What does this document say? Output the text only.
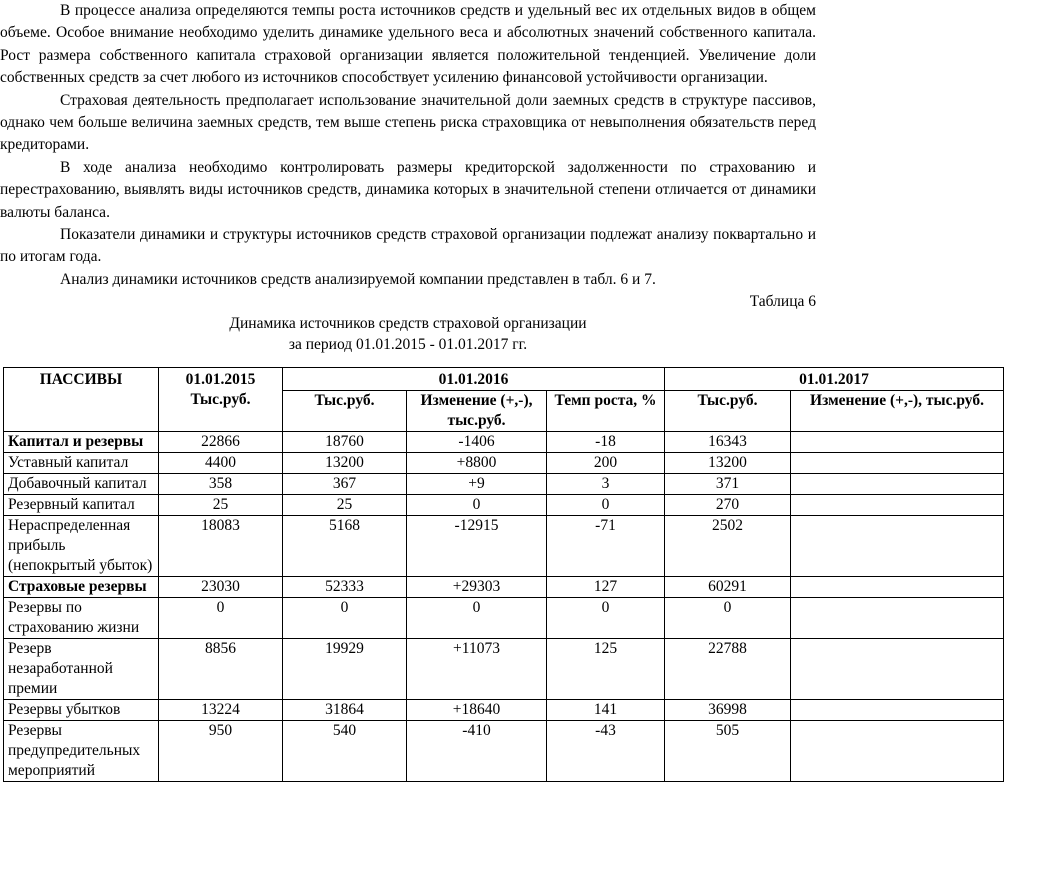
В процессе анализа определяются темпы роста источников средств и удельный вес их отдельных видов в общем объеме. Особое внимание необходимо уделить динамике удельного веса и абсолютных значений собственного капитала. Рост размера собственного капитала страховой организации является положительной тенденцией. Увеличение доли собственных средств за счет любого из источников способствует усилению финансовой устойчивости организации.

Страховая деятельность предполагает использование значительной доли заемных средств в структуре пассивов, однако чем больше величина заемных средств, тем выше степень риска страховщика от невыполнения обязательств перед кредиторами.

В ходе анализа необходимо контролировать размеры кредиторской задолженности по страхованию и перестрахованию, выявлять виды источников средств, динамика которых в значительной степени отличается от динамики валюты баланса.

Показатели динамики и структуры источников средств страховой организации подлежат анализу поквартально и по итогам года.

Анализ динамики источников средств анализируемой компании представлен в табл. 6 и 7.

Таблица 6
Динамика источников средств страховой организации
за период 01.01.2015 - 01.01.2017 гг.
ПАССИВЫ	01.01.2015
Тыс.руб.	01.01.2016			01.01.2017	
		Тыс.руб.	Изменение (+,-), тыс.руб.	Темп роста, %	Тыс.руб.	Изменение (+,-), тыс.руб.
Капитал и резервы	22866	18760	-1406	-18	16343	
Уставный капитал	4400	13200	+8800	200	13200	
Добавочный капитал	358	367	+9	3	371	
Резервный капитал	25	25	0	0	270	
Нераспределенная прибыль (непокрытый убыток)	18083	5168	-12915	-71	2502	
Страховые резервы	23030	52333	+29303	127	60291	
Резервы по страхованию жизни	0	0	0	0	0	
Резерв незаработанной премии	8856	19929	+11073	125	22788	
Резервы убытков	13224	31864	+18640	141	36998	
Резервы предупредительных мероприятий	950	540	-410	-43	505	
